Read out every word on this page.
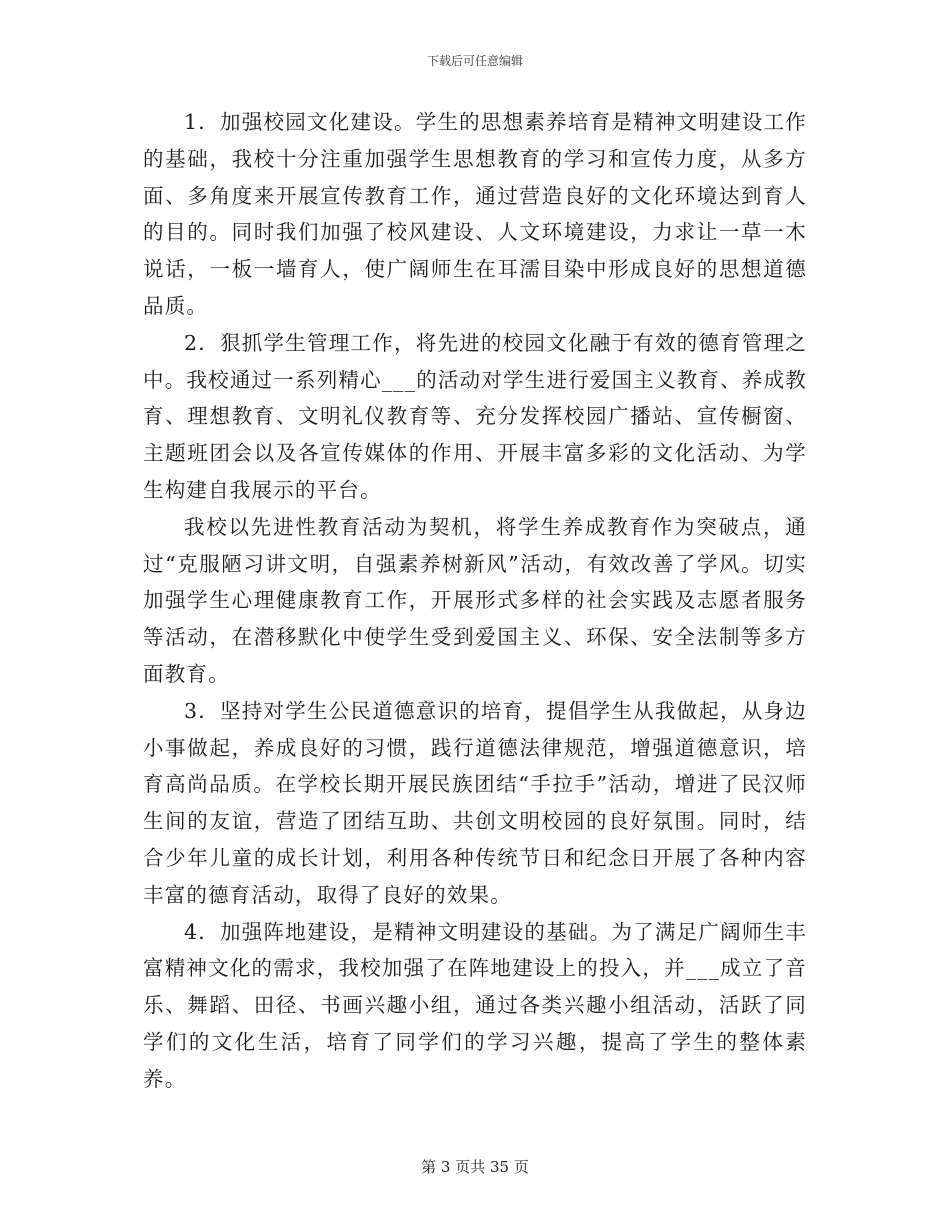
下载后可任意编辑

1．加强校园文化建设。学生的思想素养培育是精神文明建设工作的基础，我校十分注重加强学生思想教育的学习和宣传力度，从多方面、多角度来开展宣传教育工作，通过营造良好的文化环境达到育人的目的。同时我们加强了校风建设、人文环境建设，力求让一草一木说话，一板一墙育人，使广阔师生在耳濡目染中形成良好的思想道德品质。

2．狠抓学生管理工作，将先进的校园文化融于有效的德育管理之中。我校通过一系列精心___的活动对学生进行爱国主义教育、养成教育、理想教育、文明礼仪教育等、充分发挥校园广播站、宣传橱窗、主题班团会以及各宣传媒体的作用、开展丰富多彩的文化活动、为学生构建自我展示的平台。

我校以先进性教育活动为契机，将学生养成教育作为突破点，通过“克服陋习讲文明，自强素养树新风”活动，有效改善了学风。切实加强学生心理健康教育工作，开展形式多样的社会实践及志愿者服务等活动，在潜移默化中使学生受到爱国主义、环保、安全法制等多方面教育。

3．坚持对学生公民道德意识的培育，提倡学生从我做起，从身边小事做起，养成良好的习惯，践行道德法律规范，增强道德意识，培育高尚品质。在学校长期开展民族团结“手拉手”活动，增进了民汉师生间的友谊，营造了团结互助、共创文明校园的良好氛围。同时，结合少年儿童的成长计划，利用各种传统节日和纪念日开展了各种内容丰富的德育活动，取得了良好的效果。

4．加强阵地建设，是精神文明建设的基础。为了满足广阔师生丰富精神文化的需求，我校加强了在阵地建设上的投入，并___成立了音乐、舞蹈、田径、书画兴趣小组，通过各类兴趣小组活动，活跃了同学们的文化生活，培育了同学们的学习兴趣，提高了学生的整体素养。

第 3 页共 35 页
